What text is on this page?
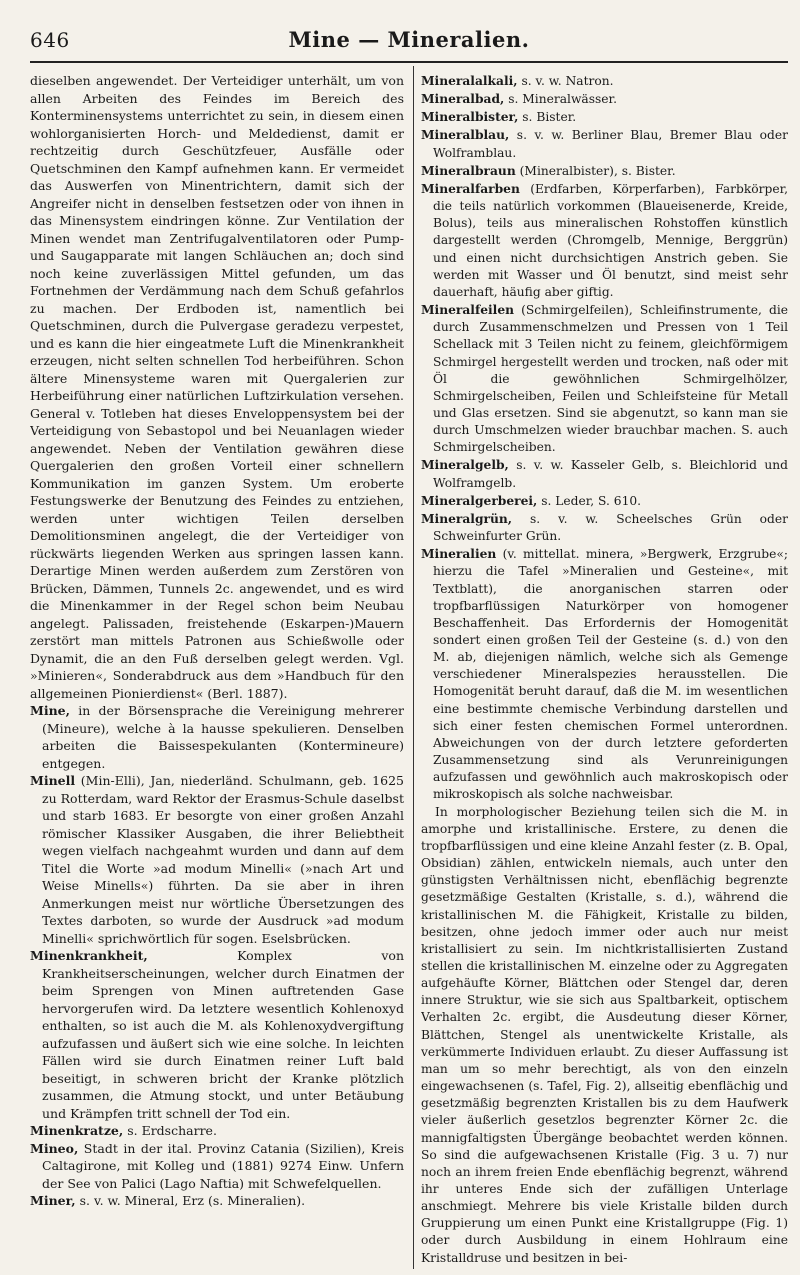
646	Mine — Mineralien.

dieselben angewendet. Der Verteidiger unterhält, um von allen Arbeiten des Feindes im Bereich des Konterminensystems unterrichtet zu sein, in diesem einen wohlorganisierten Horch- und Meldedienst, damit er rechtzeitig durch Geschützfeuer, Ausfälle oder Quetschminen den Kampf aufnehmen kann. Er vermeidet das Auswerfen von Minentrichtern, damit sich der Angreifer nicht in denselben festsetzen oder von ihnen in das Minensystem eindringen könne. Zur Ventilation der Minen wendet man Zentrifugalventilatoren oder Pump- und Saugapparate mit langen Schläuchen an; doch sind noch keine zuverlässigen Mittel gefunden, um das Fortnehmen der Verdämmung nach dem Schuß gefahrlos zu machen. Der Erdboden ist, namentlich bei Quetschminen, durch die Pulvergase geradezu verpestet, und es kann die hier eingeatmete Luft die Minenkrankheit erzeugen, nicht selten schnellen Tod herbeiführen. Schon ältere Minensysteme waren mit Quergalerien zur Herbeiführung einer natürlichen Luftzirkulation versehen. General v. Totleben hat dieses Enveloppensystem bei der Verteidigung von Sebastopol und bei Neuanlagen wieder angewendet. Neben der Ventilation gewähren diese Quergalerien den großen Vorteil einer schnellern Kommunikation im ganzen System. Um eroberte Festungswerke der Benutzung des Feindes zu entziehen, werden unter wichtigen Teilen derselben Demolitionsminen angelegt, die der Verteidiger von rückwärts liegenden Werken aus springen lassen kann. Derartige Minen werden außerdem zum Zerstören von Brücken, Dämmen, Tunnels 2c. angewendet, und es wird die Minenkammer in der Regel schon beim Neubau angelegt. Palissaden, freistehende (Eskarpen-)Mauern zerstört man mittels Patronen aus Schießwolle oder Dynamit, die an den Fuß derselben gelegt werden. Vgl. »Minieren«, Sonderabdruck aus dem »Handbuch für den allgemeinen Pionierdienst« (Berl. 1887).

Mine, in der Börsensprache die Vereinigung mehrerer (Mineure), welche à la hausse spekulieren. Denselben arbeiten die Baissespekulanten (Kontermineure) entgegen.

Minell (Min-Elli), Jan, niederländ. Schulmann, geb. 1625 zu Rotterdam, ward Rektor der Erasmus-Schule daselbst und starb 1683. Er besorgte von einer großen Anzahl römischer Klassiker Ausgaben, die ihrer Beliebtheit wegen vielfach nachgeahmt wurden und dann auf dem Titel die Worte »ad modum Minelli« (»nach Art und Weise Minells«) führten. Da sie aber in ihren Anmerkungen meist nur wörtliche Übersetzungen des Textes darboten, so wurde der Ausdruck »ad modum Minelli« sprichwörtlich für sogen. Eselsbrücken.

Minenkrankheit, Komplex von Krankheitserscheinungen, welcher durch Einatmen der beim Sprengen von Minen auftretenden Gase hervorgerufen wird. Da letztere wesentlich Kohlenoxyd enthalten, so ist auch die M. als Kohlenoxydvergiftung aufzufassen und äußert sich wie eine solche. In leichten Fällen wird sie durch Einatmen reiner Luft bald beseitigt, in schweren bricht der Kranke plötzlich zusammen, die Atmung stockt, und unter Betäubung und Krämpfen tritt schnell der Tod ein.

Minenkratze, s. Erdscharre.

Mineo, Stadt in der ital. Provinz Catania (Sizilien), Kreis Caltagirone, mit Kolleg und (1881) 9274 Einw. Unfern der See von Palici (Lago Naftia) mit Schwefelquellen.

Miner, s. v. w. Mineral, Erz (s. Mineralien).

Mineralalkali, s. v. w. Natron.

Mineralbad, s. Mineralwässer.

Mineralbister, s. Bister.

Mineralblau, s. v. w. Berliner Blau, Bremer Blau oder Wolframblau.

Mineralbraun (Mineralbister), s. Bister.

Mineralfarben (Erdfarben, Körperfarben), Farbkörper, die teils natürlich vorkommen (Blaueisenerde, Kreide, Bolus), teils aus mineralischen Rohstoffen künstlich dargestellt werden (Chromgelb, Mennige, Berggrün) und einen nicht durchsichtigen Anstrich geben. Sie werden mit Wasser und Öl benutzt, sind meist sehr dauerhaft, häufig aber giftig.

Mineralfeilen (Schmirgelfeilen), Schleifinstrumente, die durch Zusammenschmelzen und Pressen von 1 Teil Schellack mit 3 Teilen nicht zu feinem, gleichförmigem Schmirgel hergestellt werden und trocken, naß oder mit Öl die gewöhnlichen Schmirgelhölzer, Schmirgelscheiben, Feilen und Schleifsteine für Metall und Glas ersetzen. Sind sie abgenutzt, so kann man sie durch Umschmelzen wieder brauchbar machen. S. auch Schmirgelscheiben.

Mineralgelb, s. v. w. Kasseler Gelb, s. Bleichlorid und Wolframgelb.

Mineralgerberei, s. Leder, S. 610.

Mineralgrün, s. v. w. Scheelsches Grün oder Schweinfurter Grün.

Mineralien (v. mittellat. minera, »Bergwerk, Erzgrube«; hierzu die Tafel »Mineralien und Gesteine«, mit Textblatt), die anorganischen starren oder tropfbarflüssigen Naturkörper von homogener Beschaffenheit. Das Erfordernis der Homogenität sondert einen großen Teil der Gesteine (s. d.) von den M. ab, diejenigen nämlich, welche sich als Gemenge verschiedener Mineralspezies herausstellen. Die Homogenität beruht darauf, daß die M. im wesentlichen eine bestimmte chemische Verbindung darstellen und sich einer festen chemischen Formel unterordnen. Abweichungen von der durch letztere geforderten Zusammensetzung sind als Verunreinigungen aufzufassen und gewöhnlich auch makroskopisch oder mikroskopisch als solche nachweisbar.

In morphologischer Beziehung teilen sich die M. in amorphe und kristallinische. Erstere, zu denen die tropfbarflüssigen und eine kleine Anzahl fester (z. B. Opal, Obsidian) zählen, entwickeln niemals, auch unter den günstigsten Verhältnissen nicht, ebenflächig begrenzte gesetzmäßige Gestalten (Kristalle, s. d.), während die kristallinischen M. die Fähigkeit, Kristalle zu bilden, besitzen, ohne jedoch immer oder auch nur meist kristallisiert zu sein. Im nichtkristallisierten Zustand stellen die kristallinischen M. einzelne oder zu Aggregaten aufgehäufte Körner, Blättchen oder Stengel dar, deren innere Struktur, wie sie sich aus Spaltbarkeit, optischem Verhalten 2c. ergibt, die Ausdeutung dieser Körner, Blättchen, Stengel als unentwickelte Kristalle, als verkümmerte Individuen erlaubt. Zu dieser Auffassung ist man um so mehr berechtigt, als von den einzeln eingewachsenen (s. Tafel, Fig. 2), allseitig ebenflächig und gesetzmäßig begrenzten Kristallen bis zu dem Haufwerk vieler äußerlich gesetzlos begrenzter Körner 2c. die mannigfaltigsten Übergänge beobachtet werden können. So sind die aufgewachsenen Kristalle (Fig. 3 u. 7) nur noch an ihrem freien Ende ebenflächig begrenzt, während ihr unteres Ende sich der zufälligen Unterlage anschmiegt. Mehrere bis viele Kristalle bilden durch Gruppierung um einen Punkt eine Kristallgruppe (Fig. 1) oder durch Ausbildung in einem Hohlraum eine Kristalldruse und besitzen in bei-
